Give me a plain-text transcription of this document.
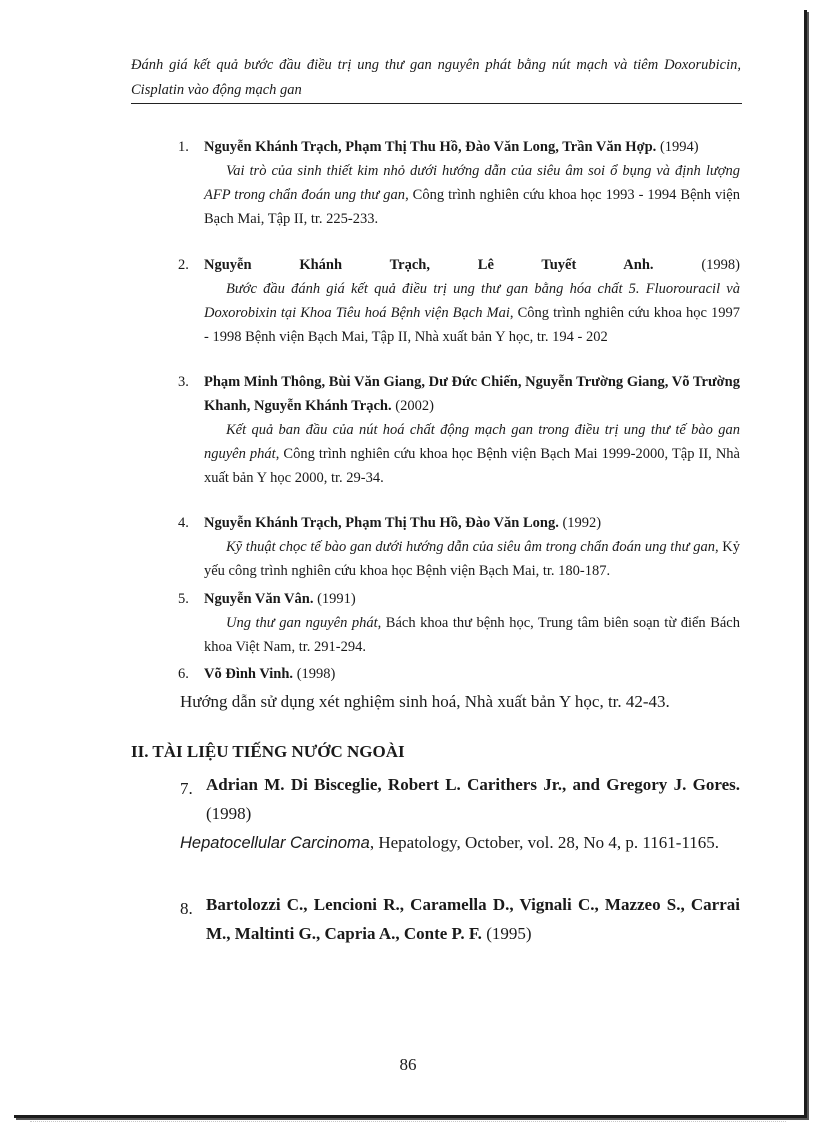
Đánh giá kết quả bước đầu điều trị ung thư gan nguyên phát bằng nút mạch và tiêm Doxorubicin, Cisplatin vào động mạch gan
1. Nguyễn Khánh Trạch, Phạm Thị Thu Hồ, Đào Văn Long, Trần Văn Hợp. (1994)
Vai trò của sinh thiết kim nhỏ dưới hướng dẫn của siêu âm soi ổ bụng và định lượng AFP trong chẩn đoán ung thư gan, Công trình nghiên cứu khoa học 1993 - 1994 Bệnh viện Bạch Mai, Tập II, tr. 225-233.
2. Nguyễn Khánh Trạch, Lê Tuyết Anh.	(1998)
Bước đầu đánh giá kết quả điều trị ung thư gan bằng hóa chất 5. Fluorouracil và Doxorobixin tại Khoa Tiêu hoá Bệnh viện Bạch Mai, Công trình nghiên cứu khoa học 1997 - 1998 Bệnh viện Bạch Mai, Tập II, Nhà xuất bản Y học, tr. 194 - 202
3. Phạm Minh Thông, Bùi Văn Giang, Dư Đức Chiến, Nguyễn Trường Giang, Võ Trường Khanh, Nguyễn Khánh Trạch. (2002)
Kết quả ban đầu của nút hoá chất động mạch gan trong điều trị ung thư tế bào gan nguyên phát, Công trình nghiên cứu khoa học Bệnh viện Bạch Mai 1999-2000, Tập II, Nhà xuất bản Y học 2000, tr. 29-34.
4. Nguyễn Khánh Trạch, Phạm Thị Thu Hồ, Đào Văn Long. (1992)
Kỹ thuật chọc tế bào gan dưới hướng dẫn của siêu âm trong chẩn đoán ung thư gan, Kỷ yếu công trình nghiên cứu khoa học Bệnh viện Bạch Mai, tr. 180-187.
5. Nguyễn Văn Vân. (1991)
Ung thư gan nguyên phát, Bách khoa thư bệnh học, Trung tâm biên soạn từ điển Bách khoa Việt Nam, tr. 291-294.
6. Võ Đình Vinh. (1998)
Hướng dẫn sử dụng xét nghiệm sinh hoá, Nhà xuất bản Y học, tr. 42-43.
II. TÀI LIỆU TIẾNG NƯỚC NGOÀI
7. Adrian M. Di Bisceglie, Robert L. Carithers Jr., and Gregory J. Gores. (1998)
Hepatocellular Carcinoma, Hepatology, October, vol. 28, No 4, p. 1161-1165.
8. Bartolozzi C., Lencioni R., Caramella D., Vignali C., Mazzeo S., Carrai M., Maltinti G., Capria A., Conte P. F. (1995)
86
